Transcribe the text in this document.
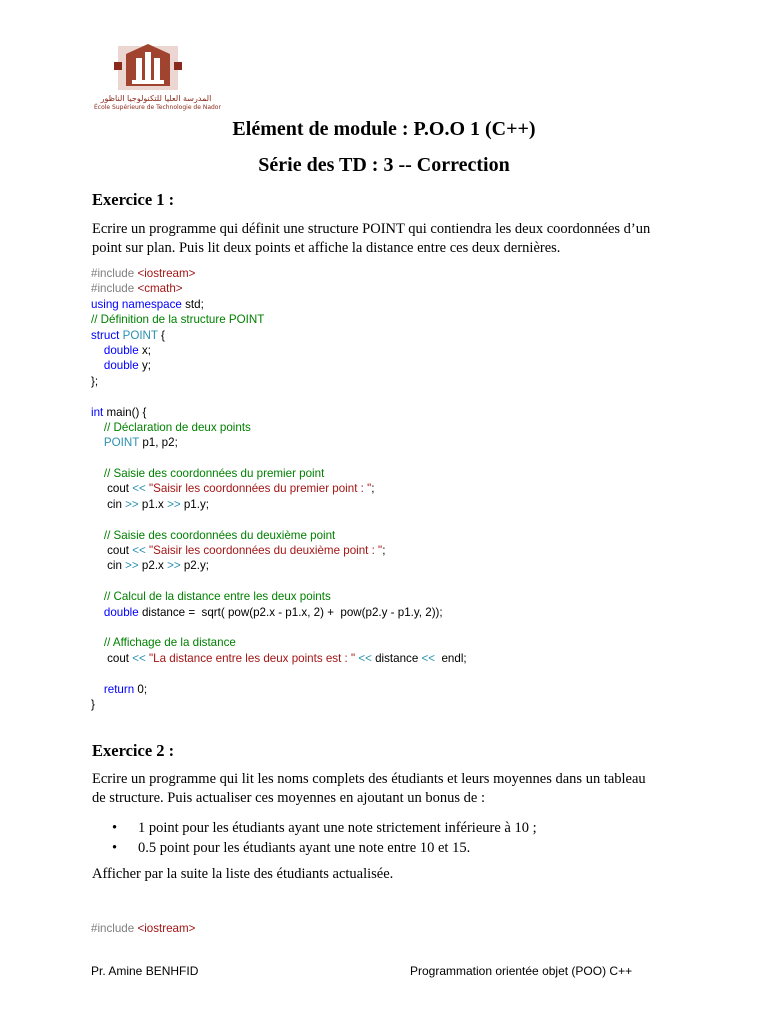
المدرسة العليا للتكنولوجيا الناظور
École Supérieure de Technologie de Nador
Elément de module : P.O.O 1 (C++)
Série des TD : 3 -- Correction
Exercice 1 :
Ecrire un programme qui définit une structure POINT qui contiendra les deux coordonnées d’un
point sur plan. Puis lit deux points et affiche la distance entre ces deux dernières.
#include <iostream>
#include <cmath>
using namespace std;
// Définition de la structure POINT
struct POINT {
double x;
double y;
};

int main() {
// Déclaration de deux points
POINT p1, p2;

// Saisie des coordonnées du premier point
cout << "Saisir les coordonnées du premier point : ";
cin >> p1.x >> p1.y;

// Saisie des coordonnées du deuxième point
cout << "Saisir les coordonnées du deuxième point : ";
cin >> p2.x >> p2.y;

// Calcul de la distance entre les deux points
double distance =  sqrt( pow(p2.x - p1.x, 2) +  pow(p2.y - p1.y, 2));

// Affichage de la distance
cout << "La distance entre les deux points est : " << distance <<  endl;

return 0;
}
Exercice 2 :
Ecrire un programme qui lit les noms complets des étudiants et leurs moyennes dans un tableau
de structure. Puis actualiser ces moyennes en ajoutant un bonus de :
• 1 point pour les étudiants ayant une note strictement inférieure à 10 ;
• 0.5 point pour les étudiants ayant une note entre 10 et 15.
Afficher par la suite la liste des étudiants actualisée.
#include <iostream>
Pr. Amine BENHFID	Programmation orientée objet (POO) C++
